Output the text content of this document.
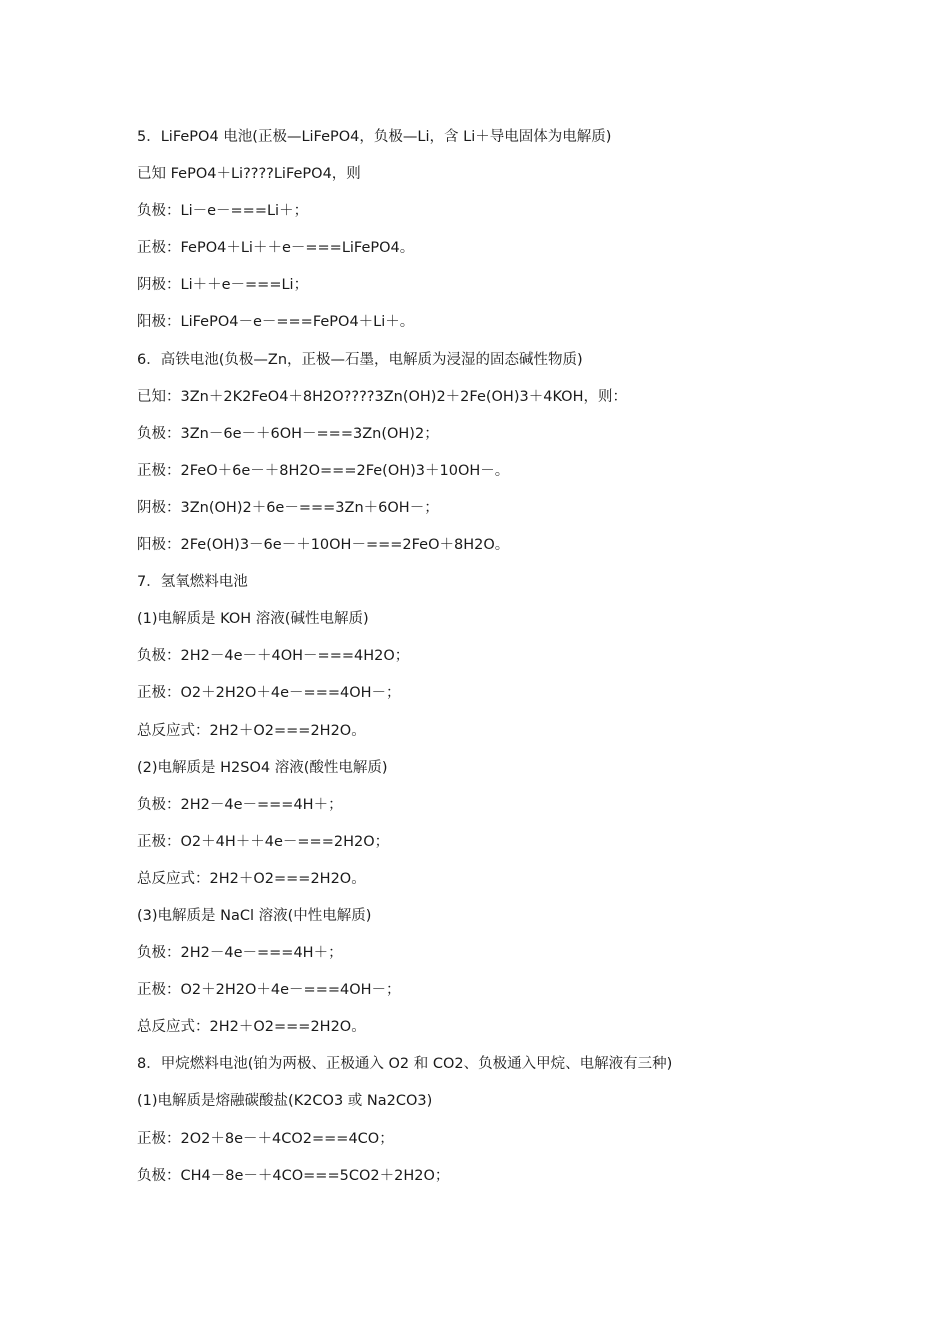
5．LiFePO4 电池(正极—LiFePO4，负极—Li，含 Li＋导电固体为电解质)
已知 FePO4＋Li????LiFePO4，则
负极：Li－e－===Li＋；
正极：FePO4＋Li＋＋e－===LiFePO4。
阴极：Li＋＋e－===Li；
阳极：LiFePO4－e－===FePO4＋Li＋。
6．高铁电池(负极—Zn，正极—石墨，电解质为浸湿的固态碱性物质)
已知：3Zn＋2K2FeO4＋8H2O????3Zn(OH)2＋2Fe(OH)3＋4KOH，则：
负极：3Zn－6e－＋6OH－===3Zn(OH)2；
正极：2FeO＋6e－＋8H2O===2Fe(OH)3＋10OH－。
阴极：3Zn(OH)2＋6e－===3Zn＋6OH－；
阳极：2Fe(OH)3－6e－＋10OH－===2FeO＋8H2O。
7．氢氧燃料电池
(1)电解质是 KOH 溶液(碱性电解质)
负极：2H2－4e－＋4OH－===4H2O；
正极：O2＋2H2O＋4e－===4OH－；
总反应式：2H2＋O2===2H2O。
(2)电解质是 H2SO4 溶液(酸性电解质)
负极：2H2－4e－===4H＋；
正极：O2＋4H＋＋4e－===2H2O；
总反应式：2H2＋O2===2H2O。
(3)电解质是 NaCl 溶液(中性电解质)
负极：2H2－4e－===4H＋；
正极：O2＋2H2O＋4e－===4OH－；
总反应式：2H2＋O2===2H2O。
8．甲烷燃料电池(铂为两极、正极通入 O2 和 CO2、负极通入甲烷、电解液有三种)
(1)电解质是熔融碳酸盐(K2CO3 或 Na2CO3)
正极：2O2＋8e－＋4CO2===4CO；
负极：CH4－8e－＋4CO===5CO2＋2H2O；
